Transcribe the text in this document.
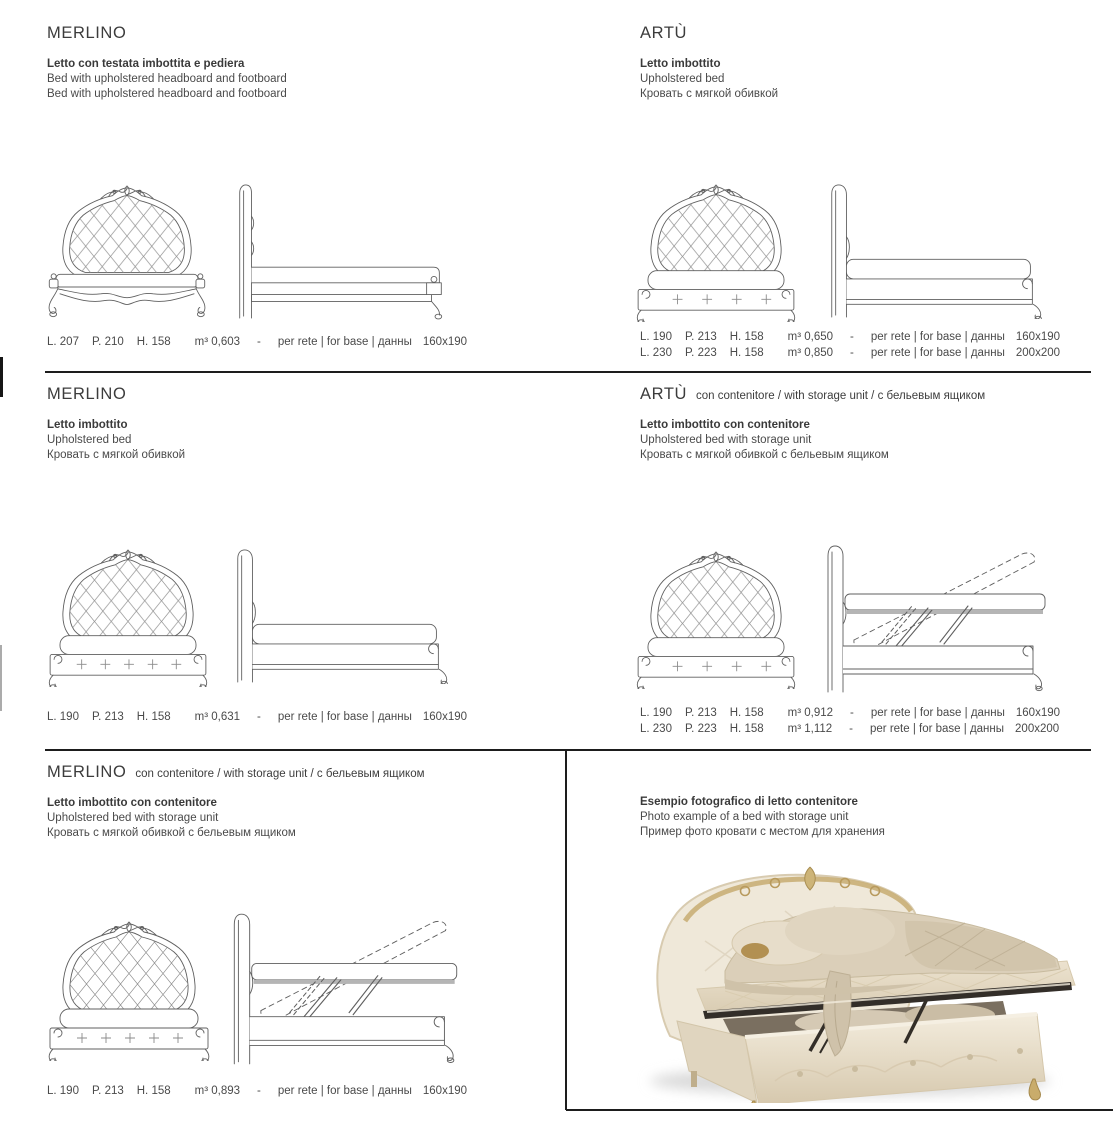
MERLINO
Letto con testata imbottita e pediera
Bed with upholstered headboard and footboard
Bed with upholstered headboard and footboard
L. 207 P. 210 H. 158 m³ 0,603 - per rete | for base | данны 160x190
ARTÙ
Letto imbottito
Upholstered bed
Кровать с мягкой обивкой
L. 190 P. 213 H. 158 m³ 0,650 - per rete | for base | данны 160x190
L. 230 P. 223 H. 158 m³ 0,850 - per rete | for base | данны 200x200
MERLINO
Letto imbottito
Upholstered bed
Кровать с мягкой обивкой
L. 190 P. 213 H. 158 m³ 0,631 - per rete | for base | данны 160x190
ARTÙ con contenitore / with storage unit / с бельевым ящиком
Letto imbottito con contenitore
Upholstered bed with storage unit
Кровать с мягкой обивкой с бельевым ящиком
L. 190 P. 213 H. 158 m³ 0,912 - per rete | for base | данны 160x190
L. 230 P. 223 H. 158 m³ 1,112 - per rete | for base | данны 200x200
MERLINO con contenitore / with storage unit / с бельевым ящиком
Letto imbottito con contenitore
Upholstered bed with storage unit
Кровать с мягкой обивкой с бельевым ящиком
L. 190 P. 213 H. 158 m³ 0,893 - per rete | for base | данны 160x190
Esempio fotografico di letto contenitore
Photo example of a bed with storage unit
Пример фото кровати с местом для хранения
